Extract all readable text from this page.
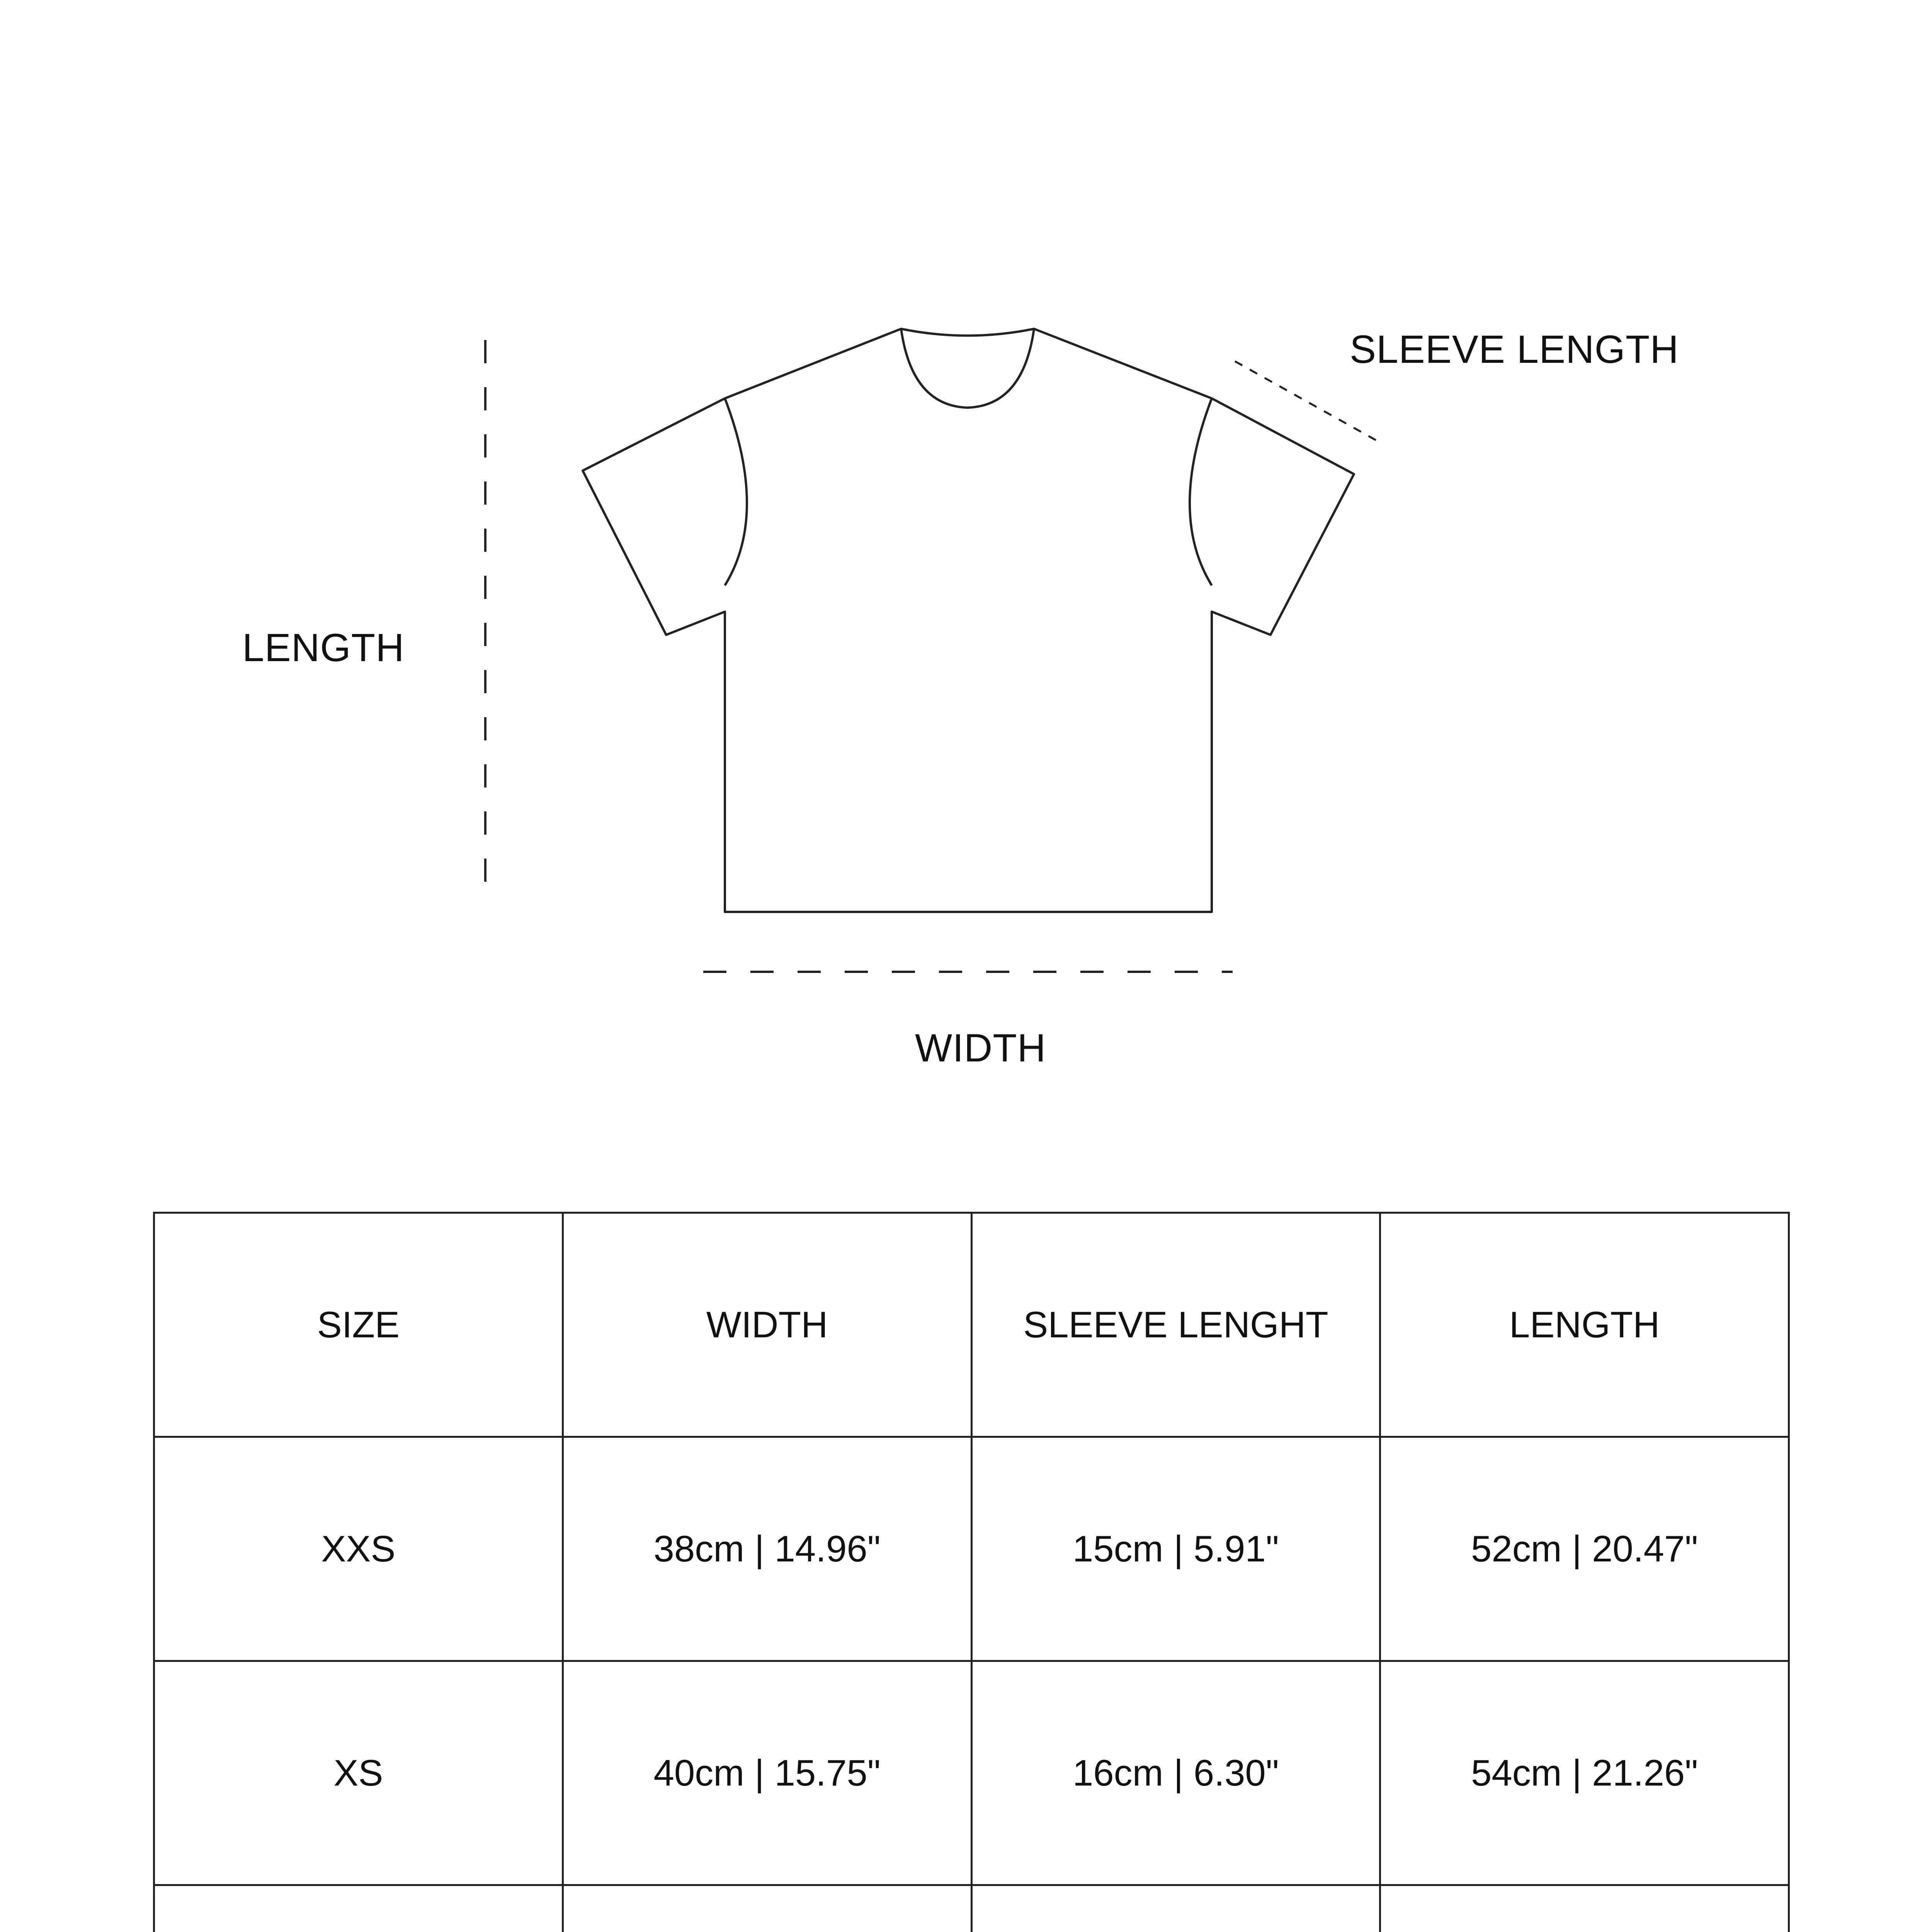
SLEEVE LENGTH
LENGTH
WIDTH
SIZE	WIDTH	SLEEVE LENGHT	LENGTH
XXS	38cm | 14.96"	15cm | 5.91"	52cm | 20.47"
XS	40cm | 15.75"	16cm | 6.30"	54cm | 21.26"
